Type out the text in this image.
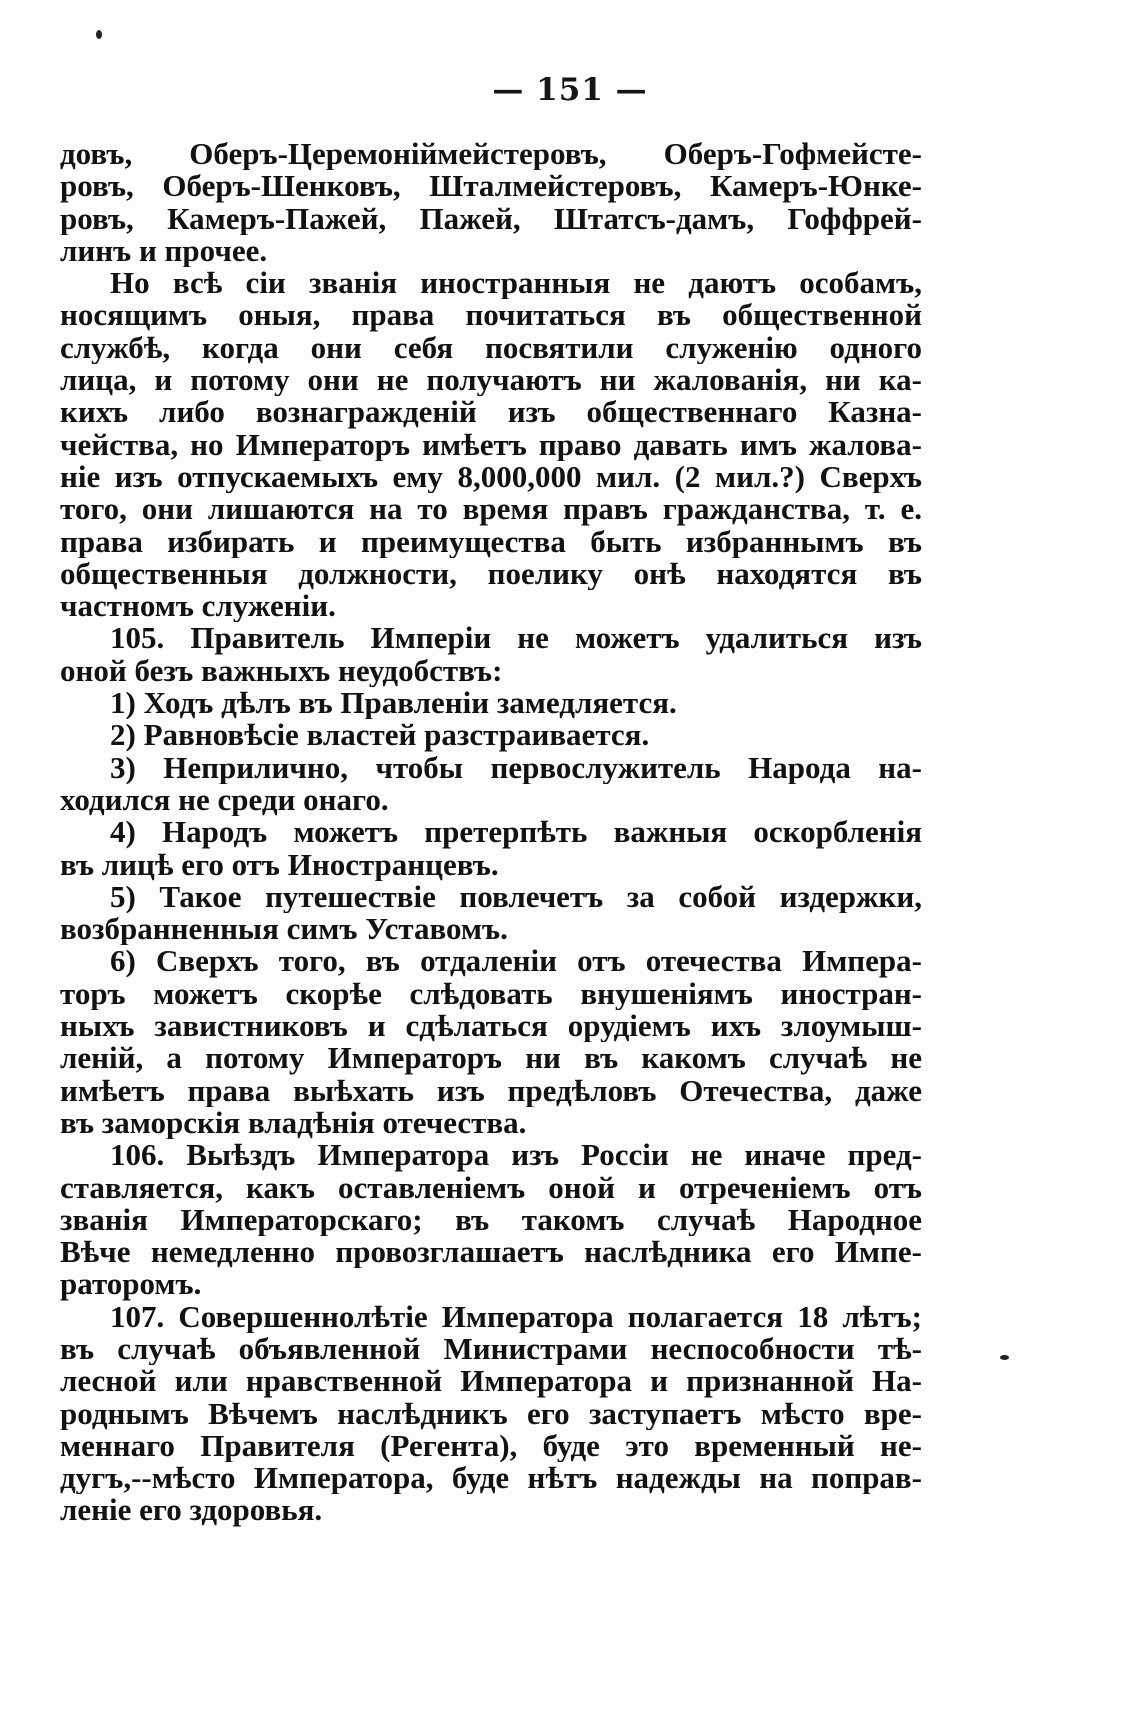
— 151 —
довъ, Оберъ-Церемоніймейстеровъ, Оберъ-Гофмейсте-
ровъ, Оберъ-Шенковъ, Шталмейстеровъ, Камеръ-Юнке-
ровъ, Камеръ-Пажей, Пажей, Штатсъ-дамъ, Гоффрей-
линъ и прочее.
Но всѣ сіи званія иностранныя не даютъ особамъ,
носящимъ оныя, права почитаться въ общественной
службѣ, когда они себя посвятили служенію одного
лица, и потому они не получаютъ ни жалованія, ни ка-
кихъ либо вознагражденій изъ общественнаго Казна-
чейства, но Императоръ имѣетъ право давать имъ жалова-
ніе изъ отпускаемыхъ ему 8,000,000 мил. (2 мил.?) Сверхъ
того, они лишаются на то время правъ гражданства, т. е.
права избирать и преимущества быть избраннымъ въ
общественныя должности, поелику онѣ находятся въ
частномъ служеніи.
105. Правитель Имперіи не можетъ удалиться изъ
оной безъ важныхъ неудобствъ:
1) Ходъ дѣлъ въ Правленіи замедляется.
2) Равновѣсіе властей разстраивается.
3) Неприлично, чтобы первослужитель Народа на-
ходился не среди онаго.
4) Народъ можетъ претерпѣть важныя оскорбленія
въ лицѣ его отъ Иностранцевъ.
5) Такое путешествіе повлечетъ за собой издержки,
возбранненныя симъ Уставомъ.
6) Сверхъ того, въ отдаленіи отъ отечества Импера-
торъ можетъ скорѣе слѣдовать внушеніямъ иностран-
ныхъ завистниковъ и сдѣлаться орудіемъ ихъ злоумыш-
леній, а потому Императоръ ни въ какомъ случаѣ не
имѣетъ права выѣхать изъ предѣловъ Отечества, даже
въ заморскія владѣнія отечества.
106. Выѣздъ Императора изъ Россіи не иначе пред-
ставляется, какъ оставленіемъ оной и отреченіемъ отъ
званія Императорскаго; въ такомъ случаѣ Народное
Вѣче немедленно провозглашаетъ наслѣдника его Импе-
раторомъ.
107. Совершеннолѣтіе Императора полагается 18 лѣтъ;
въ случаѣ объявленной Министрами неспособности тѣ-
лесной или нравственной Императора и признанной На-
роднымъ Вѣчемъ наслѣдникъ его заступаетъ мѣсто вре-
меннаго Правителя (Регента), буде это временный не-
дугъ,--мѣсто Императора, буде нѣтъ надежды на поправ-
леніе его здоровья.
